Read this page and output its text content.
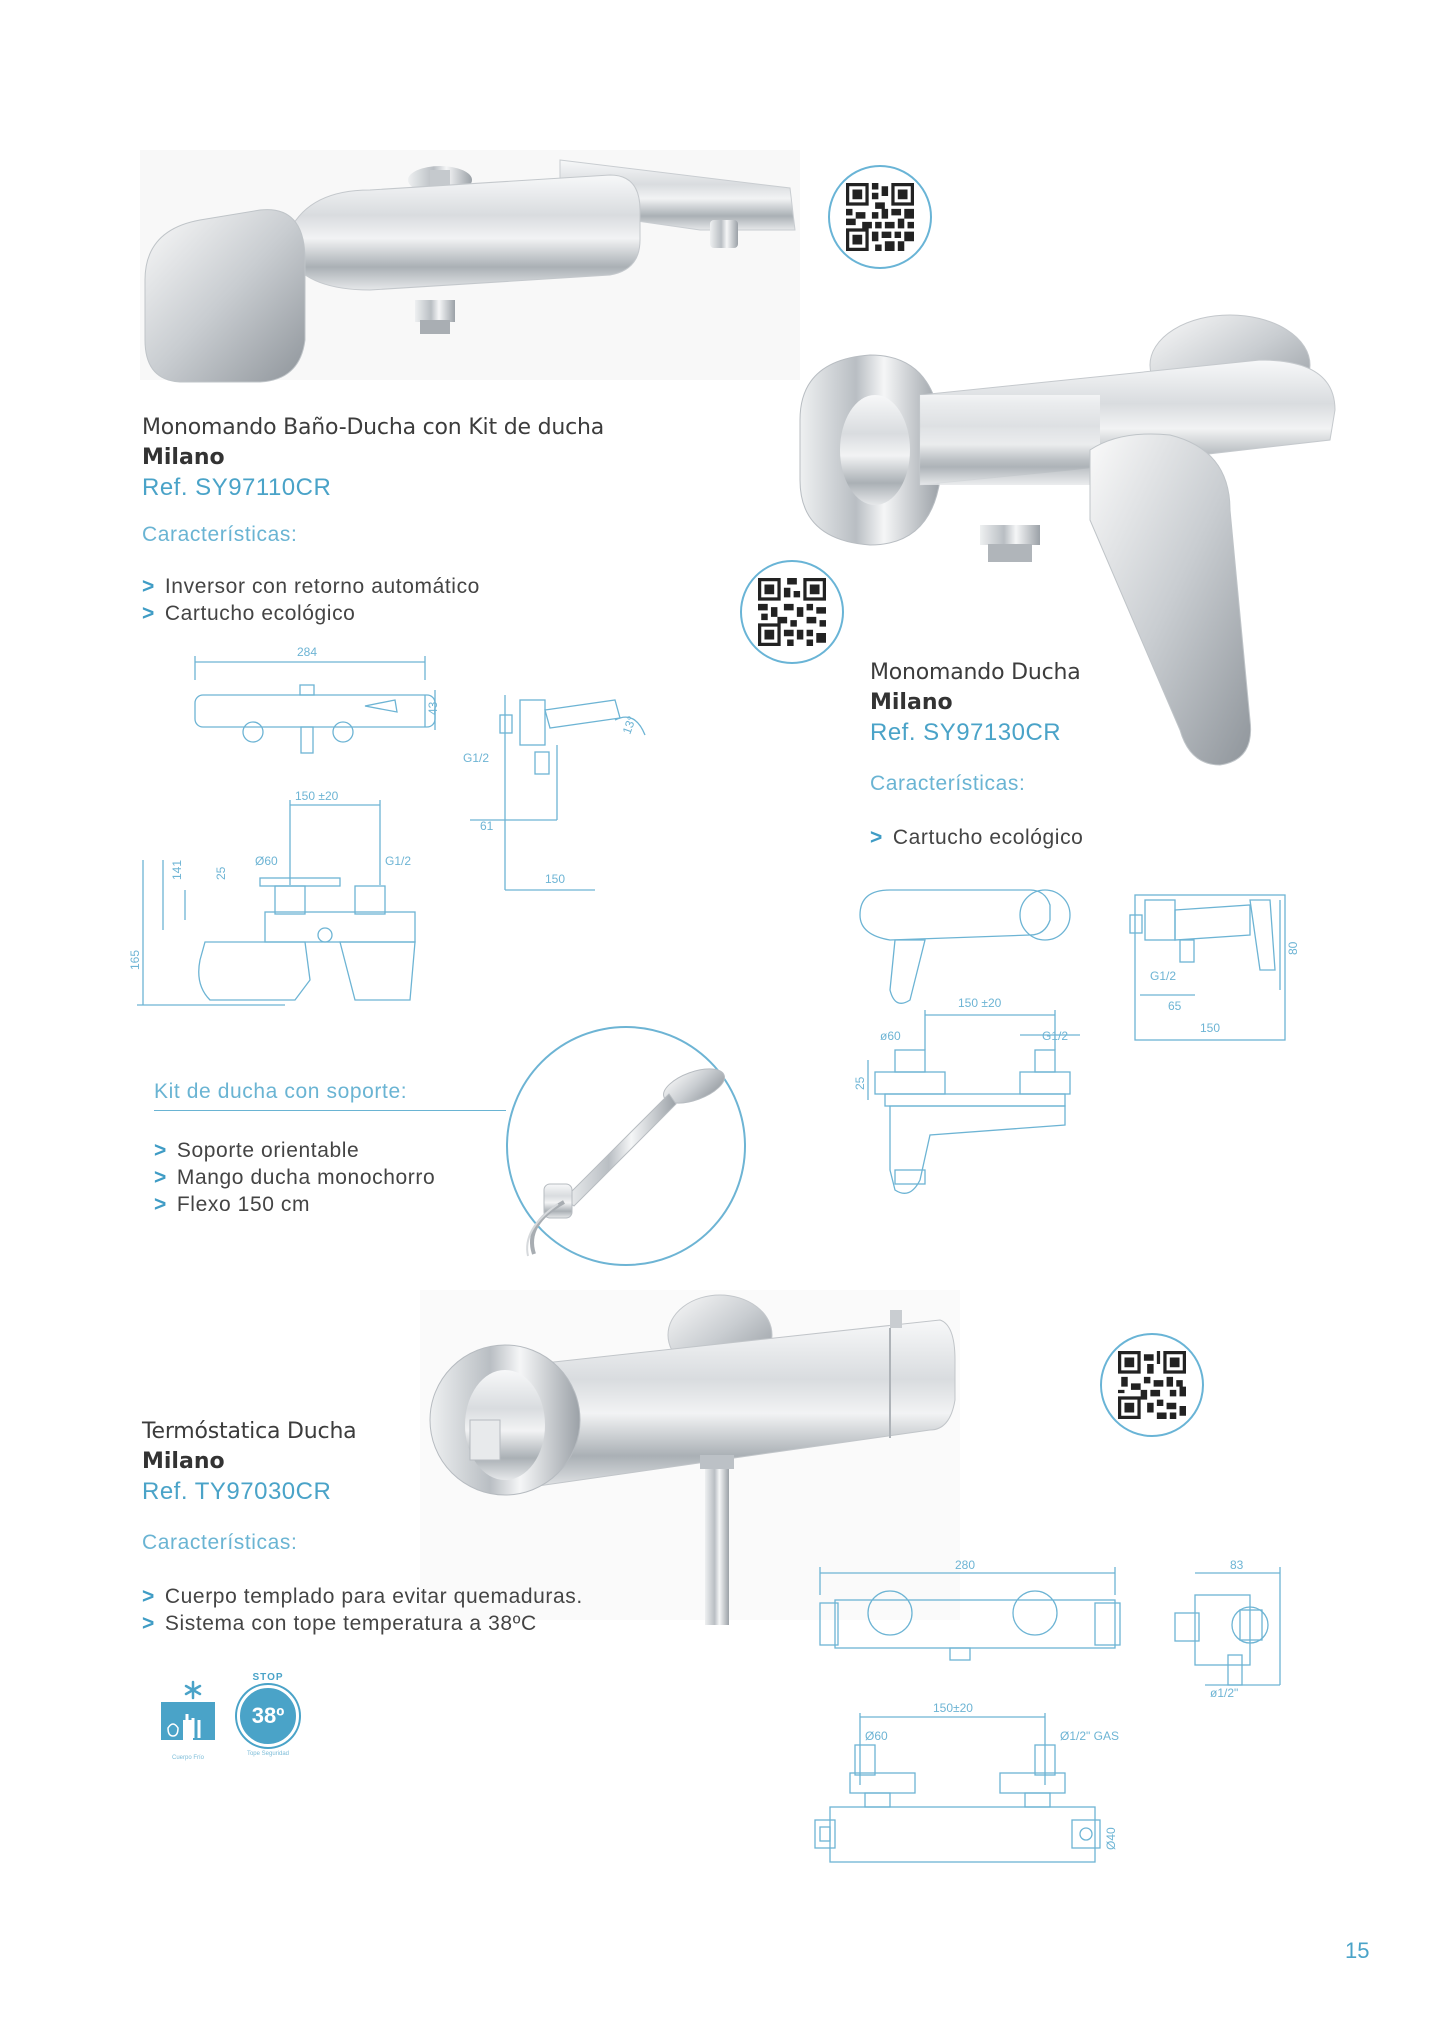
Monomando Baño-Ducha con Kit de ducha
Milano
Ref. SY97110CR
Características:
> Inversor con retorno automático
> Cartucho ecológico
284
43
150 ±20
Ø60	G1/2
141	25
165
G1/2
61
150
13°
Monomando Ducha
Milano
Ref. SY97130CR
Características:
> Cartucho ecológico
150 ±20
ø60	G1/2
25
G1/2
65
150
80
Kit de ducha con soporte:
> Soporte orientable
> Mango ducha monochorro
> Flexo 150 cm
Termóstatica Ducha
Milano
Ref. TY97030CR
Características:
> Cuerpo templado para evitar quemaduras.
> Sistema con tope temperatura a 38ºC
Cuerpo Frío
STOP
38º
Tope Seguridad
280	83
ø1/2"
150±20
Ø60	Ø1/2" GAS
Ø40
15
